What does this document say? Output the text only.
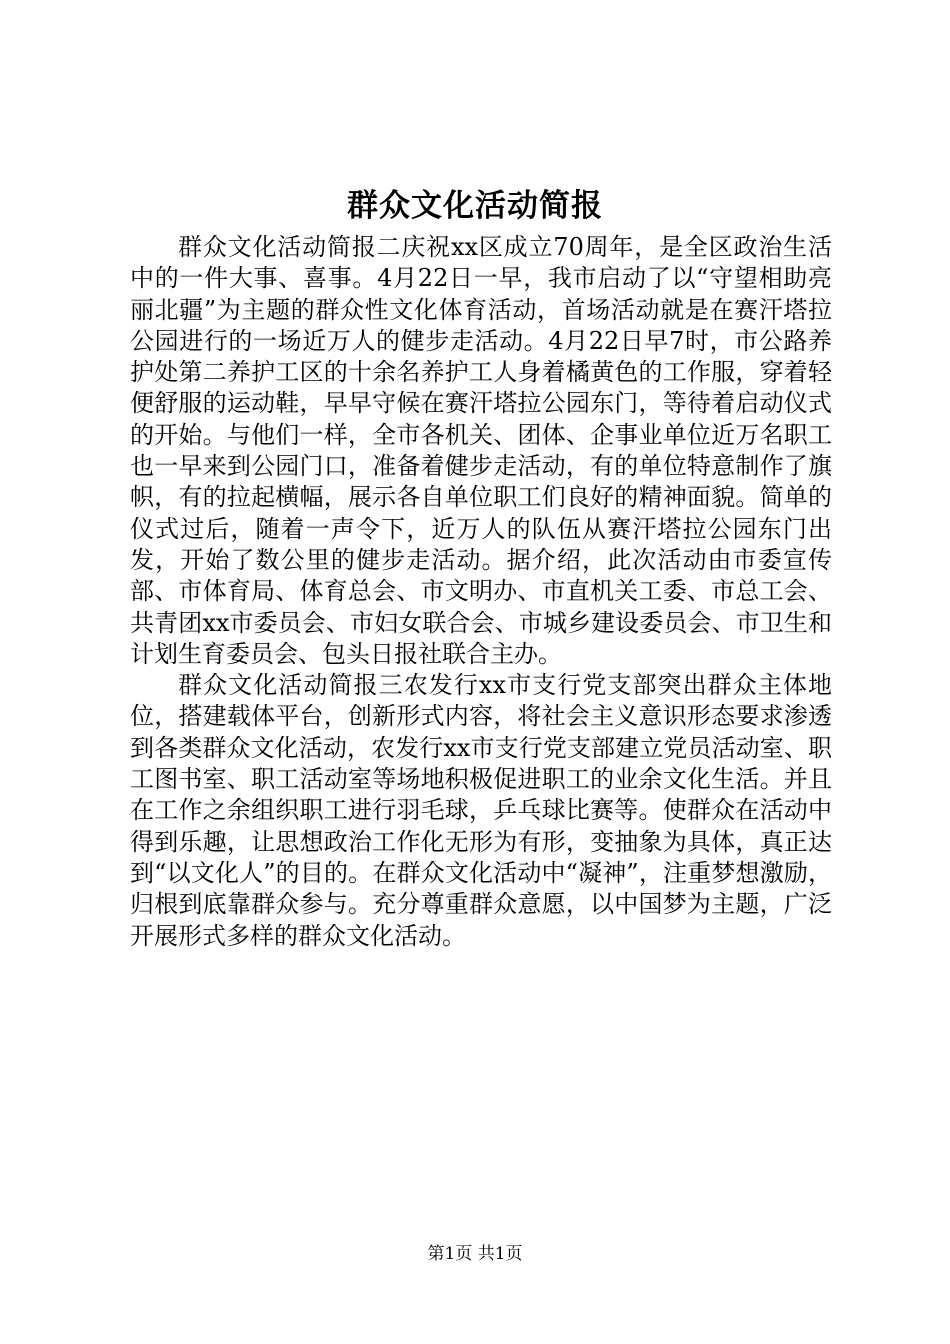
群众文化活动简报

群众文化活动简报二庆祝xx区成立70周年，是全区政治生活中的一件大事、喜事。4月22日一早，我市启动了以“守望相助亮丽北疆”为主题的群众性文化体育活动，首场活动就是在赛汗塔拉公园进行的一场近万人的健步走活动。4月22日早7时，市公路养护处第二养护工区的十余名养护工人身着橘黄色的工作服，穿着轻便舒服的运动鞋，早早守候在赛汗塔拉公园东门，等待着启动仪式的开始。与他们一样，全市各机关、团体、企事业单位近万名职工也一早来到公园门口，准备着健步走活动，有的单位特意制作了旗帜，有的拉起横幅，展示各自单位职工们良好的精神面貌。简单的仪式过后，随着一声令下，近万人的队伍从赛汗塔拉公园东门出发，开始了数公里的健步走活动。据介绍，此次活动由市委宣传部、市体育局、体育总会、市文明办、市直机关工委、市总工会、共青团xx市委员会、市妇女联合会、市城乡建设委员会、市卫生和计划生育委员会、包头日报社联合主办。

群众文化活动简报三农发行xx市支行党支部突出群众主体地位，搭建载体平台，创新形式内容，将社会主义意识形态要求渗透到各类群众文化活动，农发行xx市支行党支部建立党员活动室、职工图书室、职工活动室等场地积极促进职工的业余文化生活。并且在工作之余组织职工进行羽毛球，乒乓球比赛等。使群众在活动中得到乐趣，让思想政治工作化无形为有形，变抽象为具体，真正达到“以文化人”的目的。在群众文化活动中“凝神”，注重梦想激励，归根到底靠群众参与。充分尊重群众意愿，以中国梦为主题，广泛开展形式多样的群众文化活动。

第1页 共1页
